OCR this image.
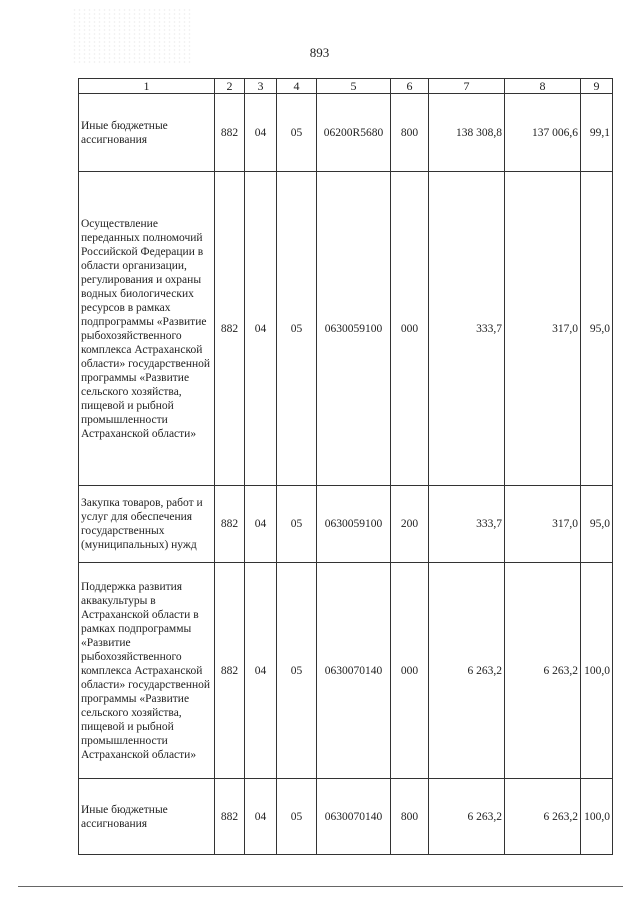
893
1	2	3	4	5	6	7	8	9
Иные бюджетные ассигнования	882	04	05	06200R5680	800	138 308,8	137 006,6	99,1
Осуществление переданных полномочий Российской Федерации в области организации, регулирования и охраны водных биологических ресурсов в рамках подпрограммы «Развитие рыбохозяйственного комплекса Астраханской области» государственной программы «Развитие сельского хозяйства, пищевой и рыбной промышленности Астраханской области»	882	04	05	0630059100	000	333,7	317,0	95,0
Закупка товаров, работ и услуг для обеспечения государственных (муниципальных) нужд	882	04	05	0630059100	200	333,7	317,0	95,0
Поддержка развития аквакультуры в Астраханской области в рамках подпрограммы «Развитие рыбохозяйственного комплекса Астраханской области» государственной программы «Развитие сельского хозяйства, пищевой и рыбной промышленности Астраханской области»	882	04	05	0630070140	000	6 263,2	6 263,2	100,0
Иные бюджетные ассигнования	882	04	05	0630070140	800	6 263,2	6 263,2	100,0
